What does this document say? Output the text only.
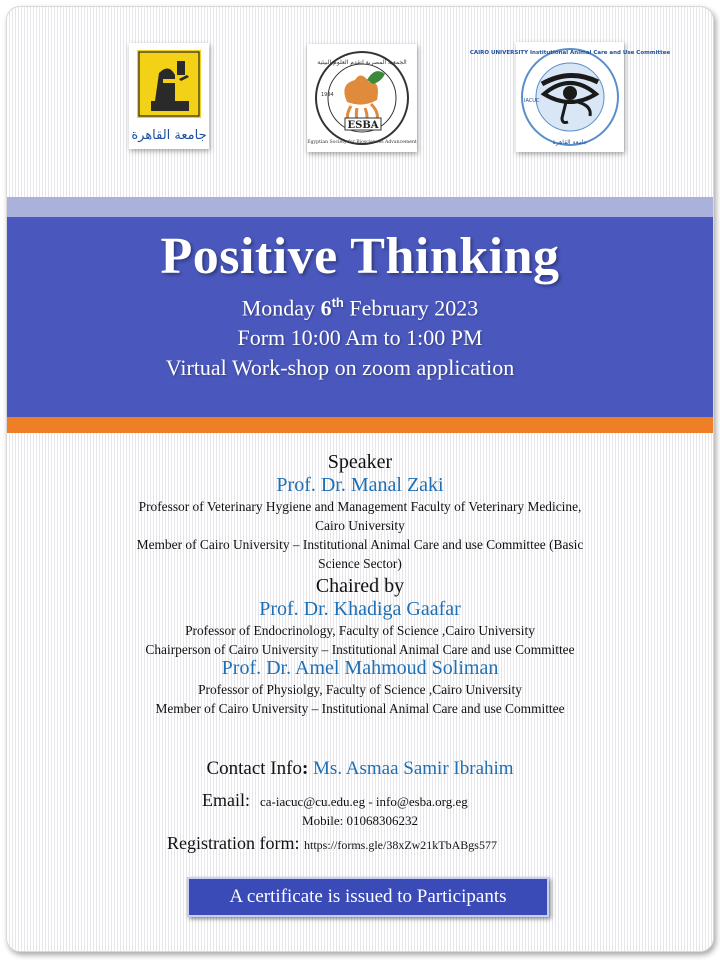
جامعة القاهرة
ESBA
الجمعية المصرية لتقدم العلوم البيئية
Egyptian Society for Biosciences Advancement
1994
CAIRO UNIVERSITY Institutional Animal Care and Use Committee
IACUC
جامعة القاهرة
Positive Thinking
Monday 6th February 2023
Form 10:00 Am to 1:00 PM
Virtual Work-shop on zoom application
Speaker
Prof. Dr. Manal Zaki
Professor of Veterinary Hygiene and Management Faculty of Veterinary Medicine,
Cairo University
Member of Cairo University – Institutional Animal Care and use Committee (Basic
Science Sector)
Chaired by
Prof. Dr. Khadiga Gaafar
Professor of Endocrinology, Faculty of Science ,Cairo University
Chairperson of Cairo University – Institutional Animal Care and use Committee
Prof. Dr. Amel Mahmoud Soliman
Professor of Physiolgy, Faculty of Science ,Cairo University
Member of Cairo University – Institutional Animal Care and use Committee
Contact Info: Ms. Asmaa Samir Ibrahim
Email: ca-iacuc@cu.edu.eg - info@esba.org.eg
Mobile: 01068306232
Registration form: https://forms.gle/38xZw21kTbABgs577
A certificate is issued to Participants
